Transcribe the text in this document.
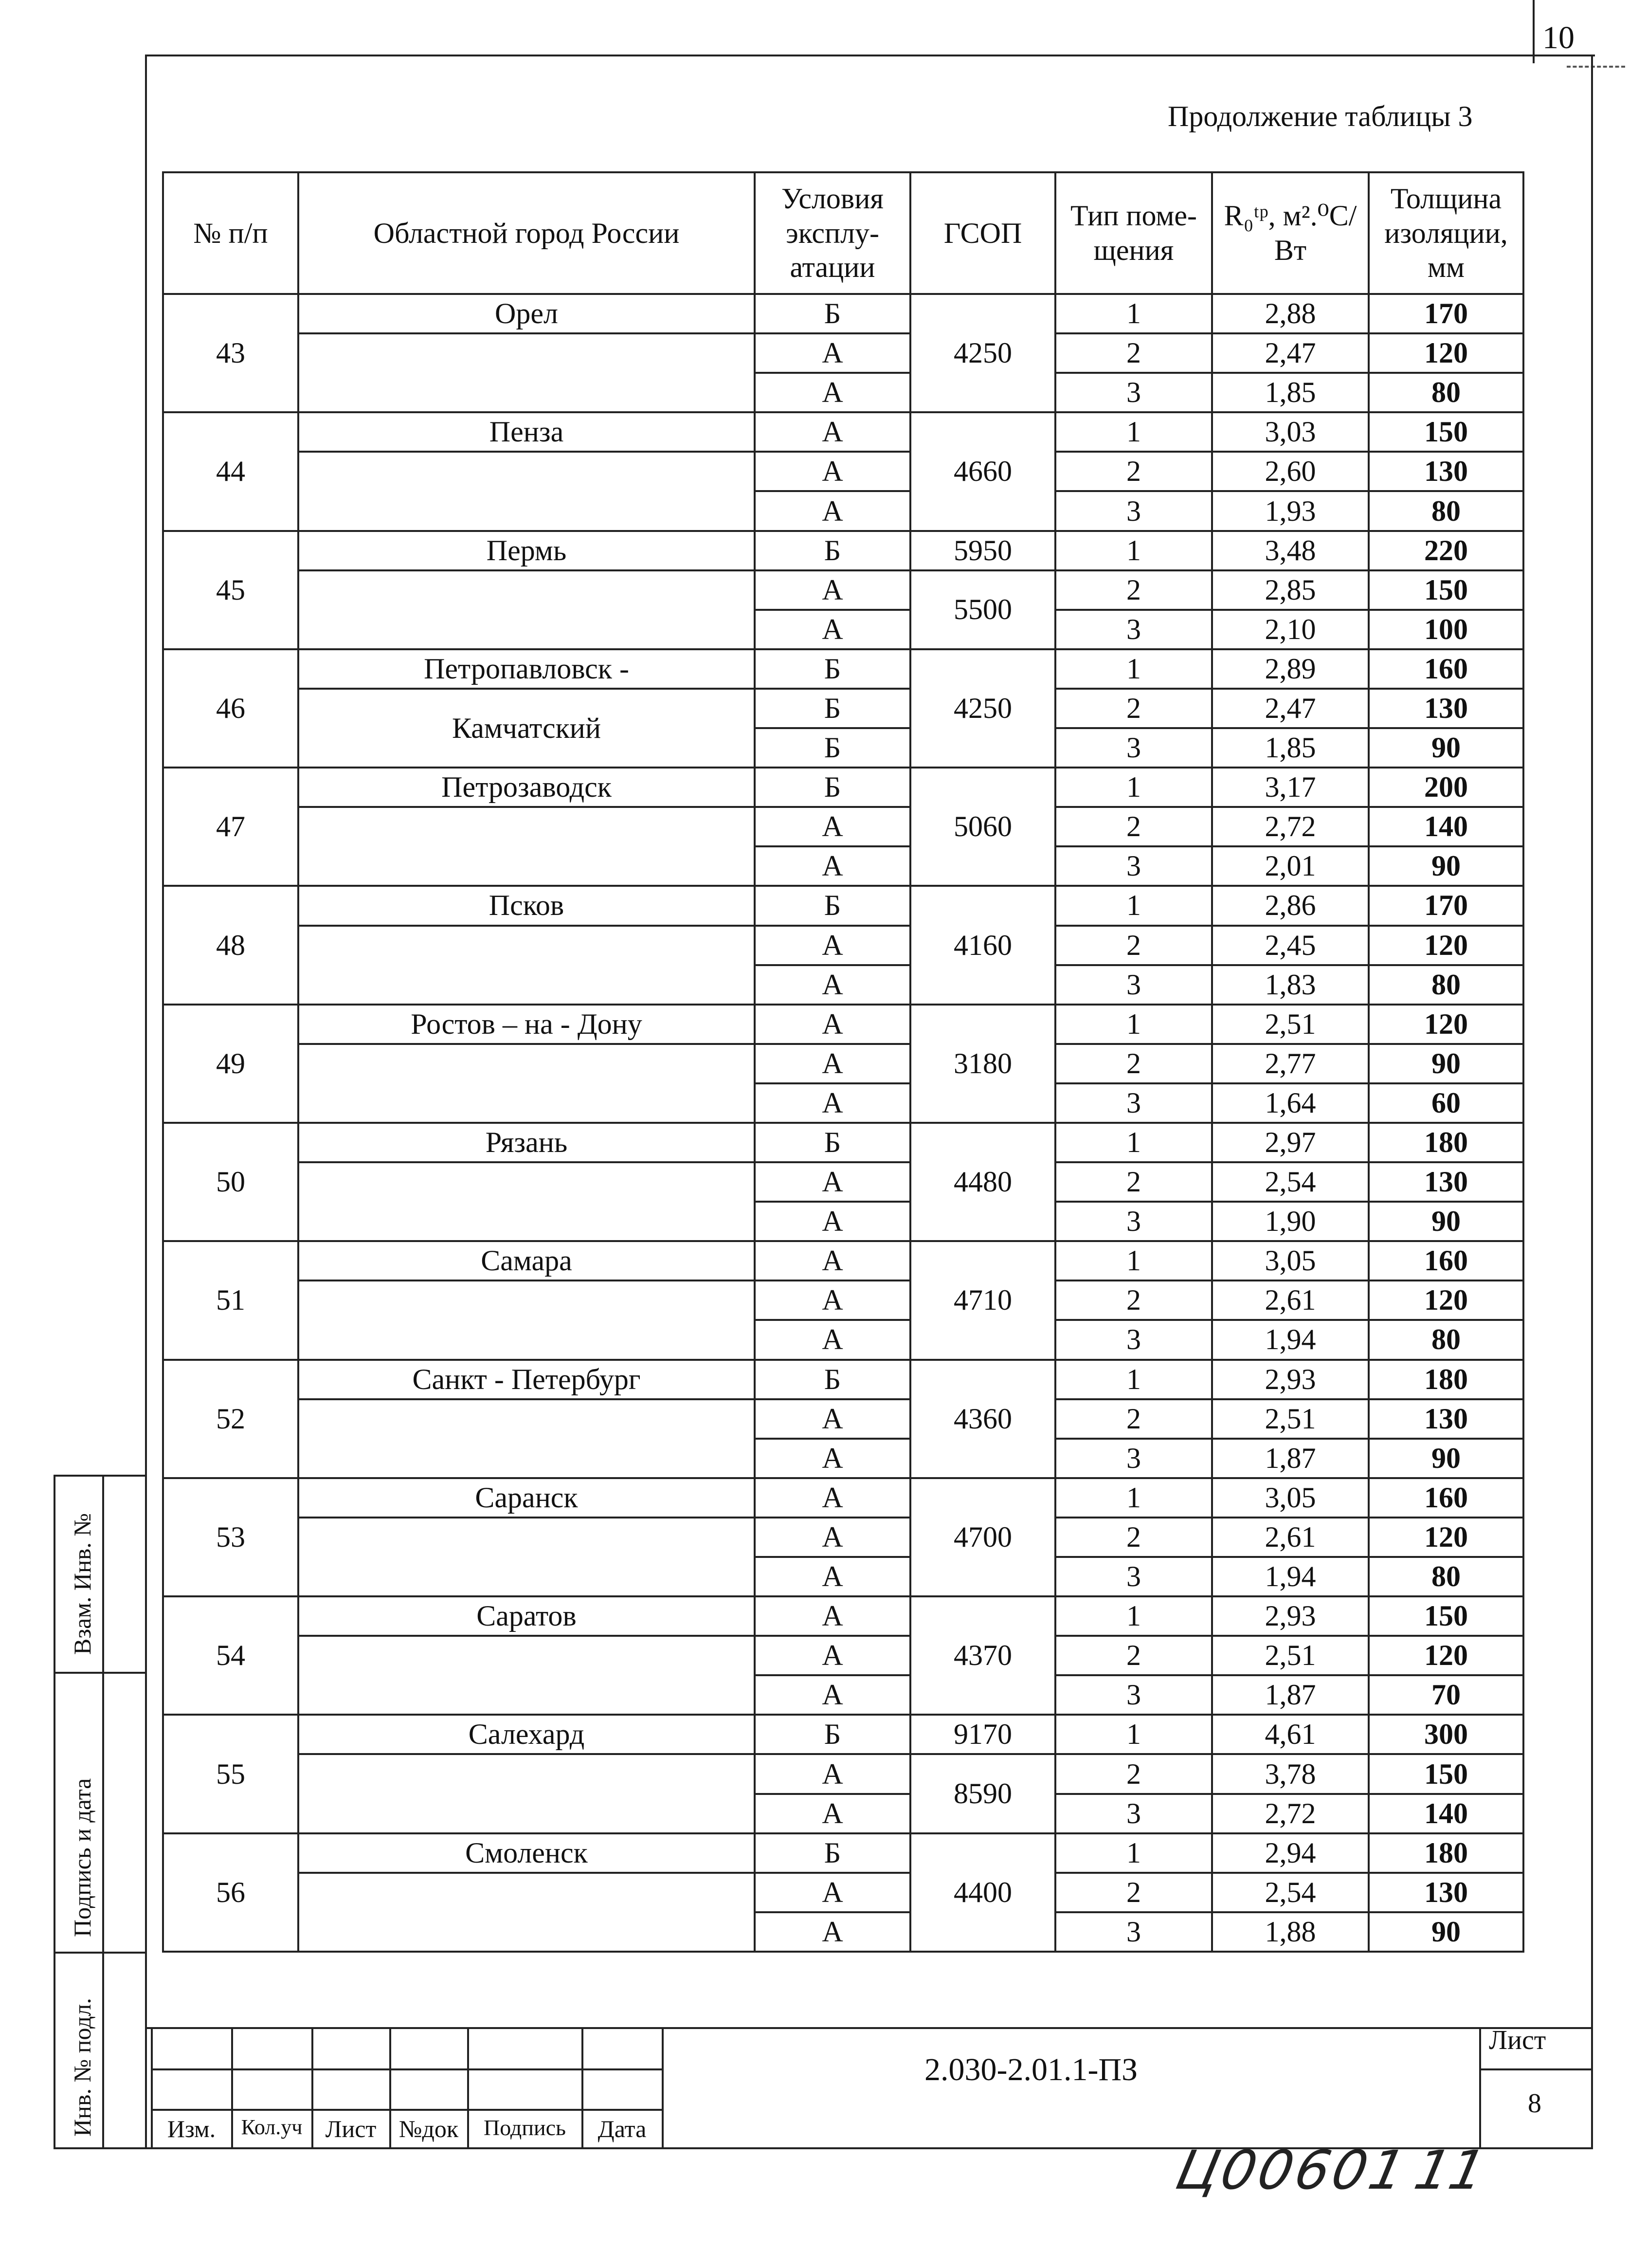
10
Продолжение таблицы 3
№ п/п	Областной город России	Условия эксплу-атации	ГСОП	Тип поме-щения	R₀ᵗᵖ, м².⁰С/Вт	Толщина изоляции, мм
43	Орел	Б	4250	1	2,88	170
		А		2	2,47	120
		А		3	1,85	80
44	Пенза	А	4660	1	3,03	150
		А		2	2,60	130
		А		3	1,93	80
45	Пермь	Б	5950	1	3,48	220
		А	5500	2	2,85	150
		А		3	2,10	100
46	Петропавловск -	Б	4250	1	2,89	160
	Камчатский	Б		2	2,47	130
		Б		3	1,85	90
47	Петрозаводск	Б	5060	1	3,17	200
		А		2	2,72	140
		А		3	2,01	90
48	Псков	Б	4160	1	2,86	170
		А		2	2,45	120
		А		3	1,83	80
49	Ростов – на - Дону	А	3180	1	2,51	120
		А		2	2,77	90
		А		3	1,64	60
50	Рязань	Б	4480	1	2,97	180
		А		2	2,54	130
		А		3	1,90	90
51	Самара	А	4710	1	3,05	160
		А		2	2,61	120
		А		3	1,94	80
52	Санкт - Петербург	Б	4360	1	2,93	180
		А		2	2,51	130
		А		3	1,87	90
53	Саранск	А	4700	1	3,05	160
		А		2	2,61	120
		А		3	1,94	80
54	Саратов	А	4370	1	2,93	150
		А		2	2,51	120
		А		3	1,87	70
55	Салехард	Б	9170	1	4,61	300
		А	8590	2	3,78	150
		А		3	2,72	140
56	Смоленск	Б	4400	1	2,94	180
		А		2	2,54	130
		А		3	1,88	90
Взам. Инв. №
Подпись и дата
Инв. № подл.	Изм.	Кол.уч Лист №док	Подпись	Дата
2.030-2.01.1-ПЗ
Лист
8
Ц00601
11
